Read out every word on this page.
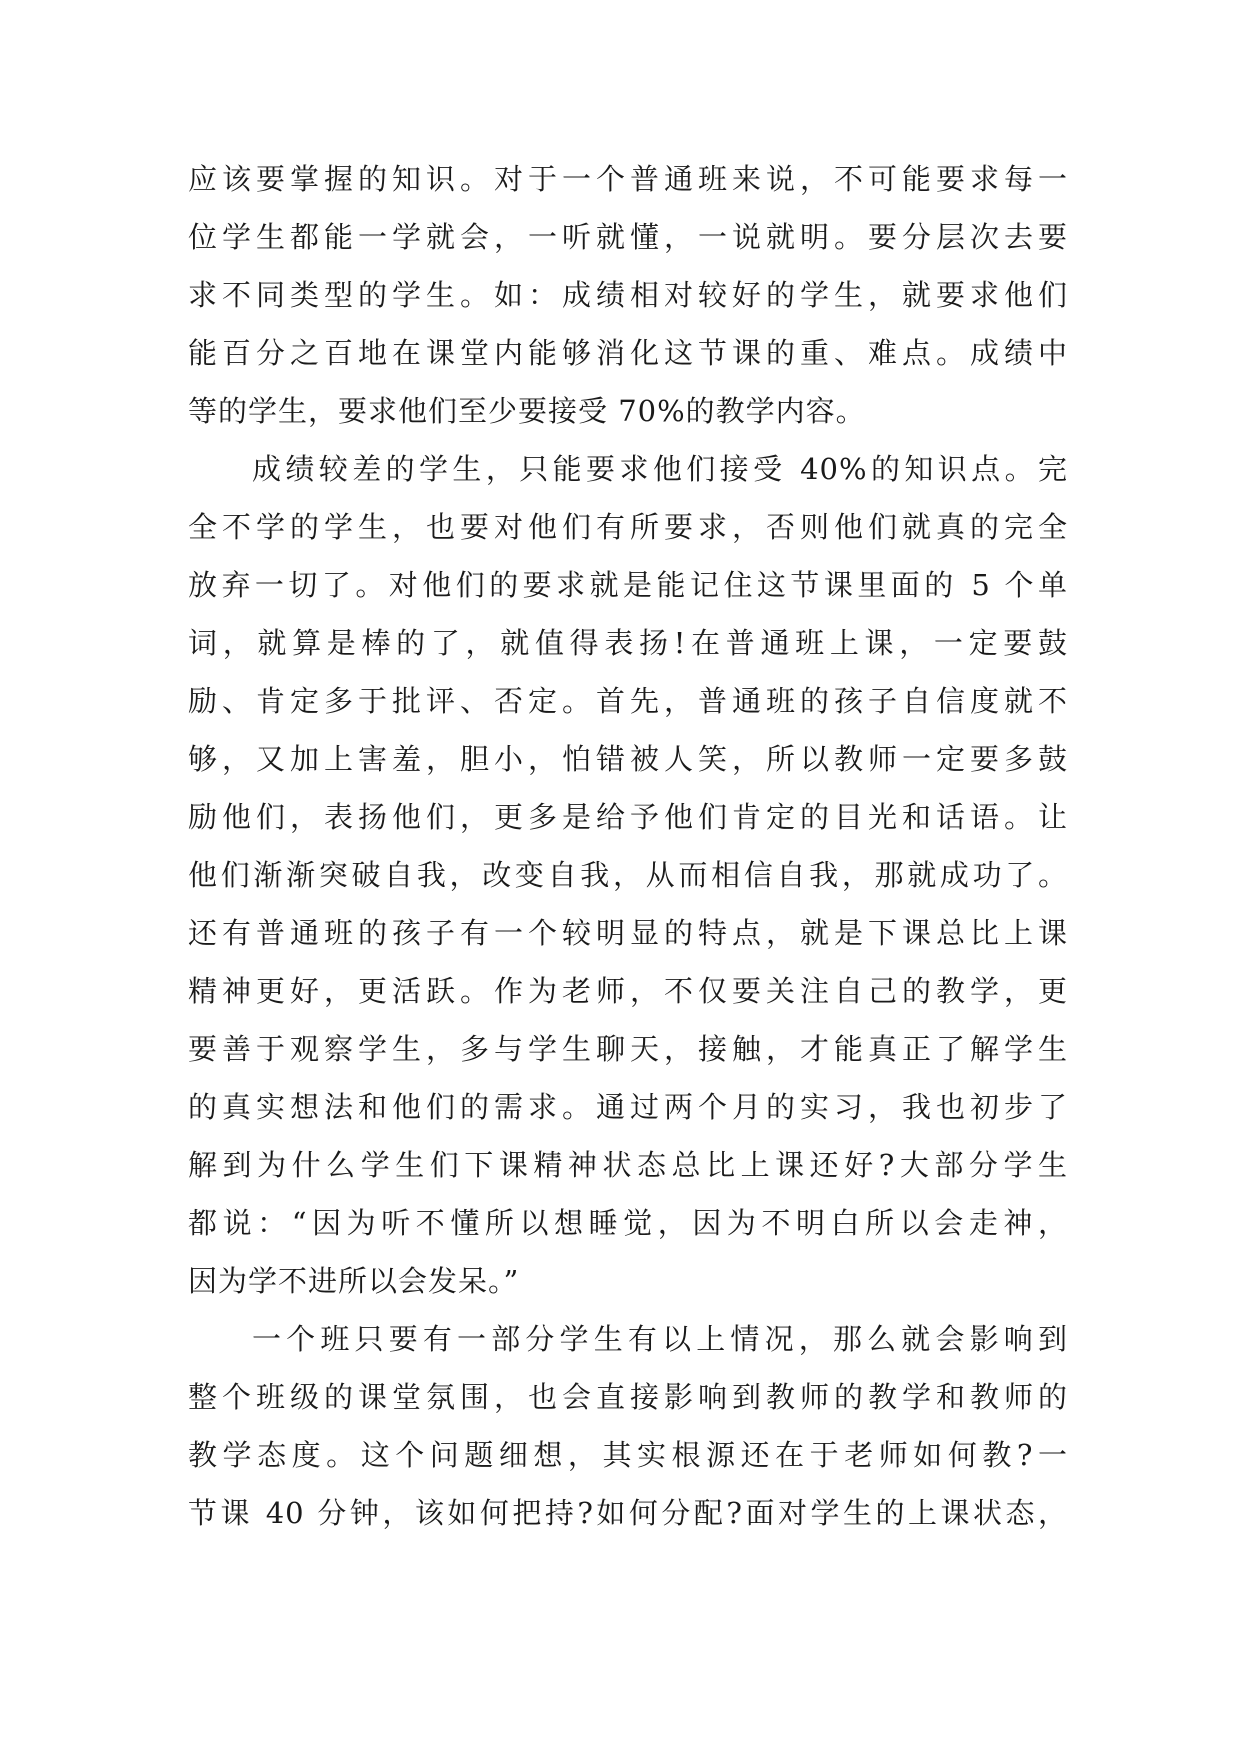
应该要掌握的知识。对于一个普通班来说，不可能要求每一
位学生都能一学就会，一听就懂，一说就明。要分层次去要
求不同类型的学生。如：成绩相对较好的学生，就要求他们
能百分之百地在课堂内能够消化这节课的重、难点。成绩中
等的学生，要求他们至少要接受 70%的教学内容。
成绩较差的学生，只能要求他们接受 40%的知识点。完
全不学的学生，也要对他们有所要求，否则他们就真的完全
放弃一切了。对他们的要求就是能记住这节课里面的 5 个单
词，就算是棒的了，就值得表扬!在普通班上课，一定要鼓
励、肯定多于批评、否定。首先，普通班的孩子自信度就不
够，又加上害羞，胆小，怕错被人笑，所以教师一定要多鼓
励他们，表扬他们，更多是给予他们肯定的目光和话语。让
他们渐渐突破自我，改变自我，从而相信自我，那就成功了。
还有普通班的孩子有一个较明显的特点，就是下课总比上课
精神更好，更活跃。作为老师，不仅要关注自己的教学，更
要善于观察学生，多与学生聊天，接触，才能真正了解学生
的真实想法和他们的需求。通过两个月的实习，我也初步了
解到为什么学生们下课精神状态总比上课还好?大部分学生
都说：“因为听不懂所以想睡觉，因为不明白所以会走神，
因为学不进所以会发呆。”
一个班只要有一部分学生有以上情况，那么就会影响到
整个班级的课堂氛围，也会直接影响到教师的教学和教师的
教学态度。这个问题细想，其实根源还在于老师如何教?一
节课 40 分钟，该如何把持?如何分配?面对学生的上课状态，
